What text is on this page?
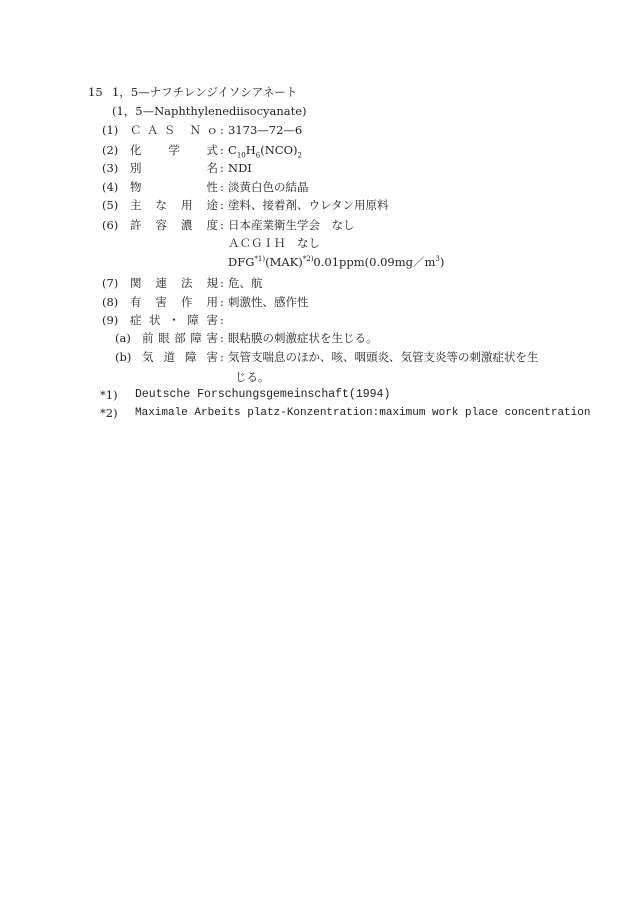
15 1，5—ナフチレンジイソシアネート
(1，5—Naphthylenediisocyanate)
(1) ＣＡＳ Ｎｏ : 3173—72—6
(2) 化学式 : $C_{10}H_6(NCO)_2$
(3) 別名 : NDI
(4) 物性 : 淡黄白色の結晶
(5) 主な用途 : 塗料、接着剤、ウレタン用原料
(6) 許容濃度 : 日本産業衛生学会　なし
(7) 関連法規 : 危、航
(8) 有害作用 : 刺激性、感作性
(9) 症状・障害 :
(a) 前眼部障害 : 眼粘膜の刺激症状を生じる。
(b) 気道障害 : 気管支喘息のほか、咳、咽頭炎、気管支炎等の刺激症状を生
ＡＣＧＩＨ　なし
$DFG^{*1)}(MAK)^{*2)}0.01ppm(0.09mg/m^3)$
じる。
*1) Deutsche Forschungsgemeinschaft(1994)
*2) Maximale Arbeits platz-Konzentration:maximum work place concentration
